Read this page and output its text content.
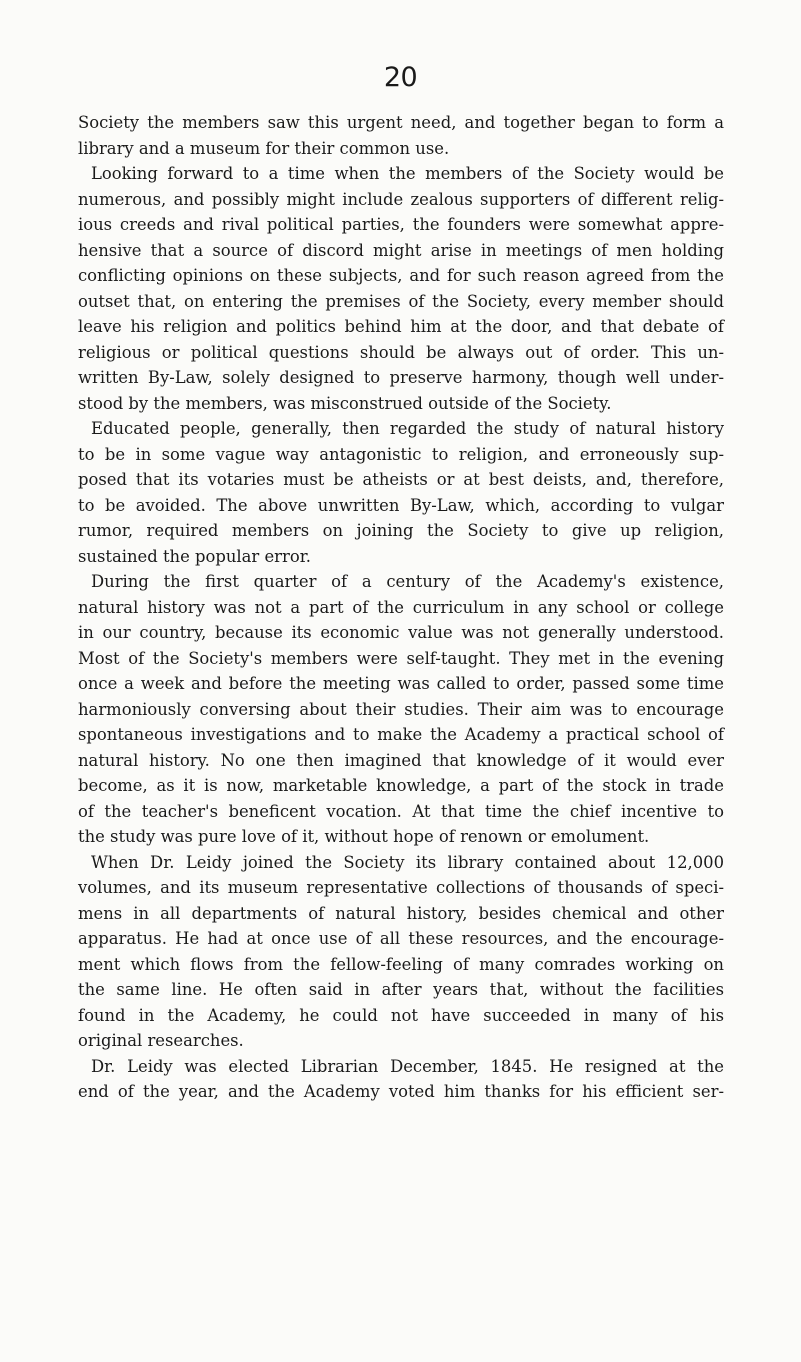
20
Society the members saw this urgent need, and together began to form a
library and a museum for their common use.
Looking forward to a time when the members of the Society would be
numerous, and possibly might include zealous supporters of different relig-
ious creeds and rival political parties, the founders were somewhat appre-
hensive that a source of discord might arise in meetings of men holding
conflicting opinions on these subjects, and for such reason agreed from the
outset that, on entering the premises of the Society, every member should
leave his religion and politics behind him at the door, and that debate of
religious or political questions should be always out of order. This un-
written By-Law, solely designed to preserve harmony, though well under-
stood by the members, was misconstrued outside of the Society.
Educated people, generally, then regarded the study of natural history
to be in some vague way antagonistic to religion, and erroneously sup-
posed that its votaries must be atheists or at best deists, and, therefore,
to be avoided. The above unwritten By-Law, which, according to vulgar
rumor, required members on joining the Society to give up religion,
sustained the popular error.
During the first quarter of a century of the Academy's existence,
natural history was not a part of the curriculum in any school or college
in our country, because its economic value was not generally understood.
Most of the Society's members were self-taught. They met in the evening
once a week and before the meeting was called to order, passed some time
harmoniously conversing about their studies. Their aim was to encourage
spontaneous investigations and to make the Academy a practical school of
natural history. No one then imagined that knowledge of it would ever
become, as it is now, marketable knowledge, a part of the stock in trade
of the teacher's beneficent vocation. At that time the chief incentive to
the study was pure love of it, without hope of renown or emolument.
When Dr. Leidy joined the Society its library contained about 12,000
volumes, and its museum representative collections of thousands of speci-
mens in all departments of natural history, besides chemical and other
apparatus. He had at once use of all these resources, and the encourage-
ment which flows from the fellow-feeling of many comrades working on
the same line. He often said in after years that, without the facilities
found in the Academy, he could not have succeeded in many of his
original researches.
Dr. Leidy was elected Librarian December, 1845. He resigned at the
end of the year, and the Academy voted him thanks for his efficient ser-
